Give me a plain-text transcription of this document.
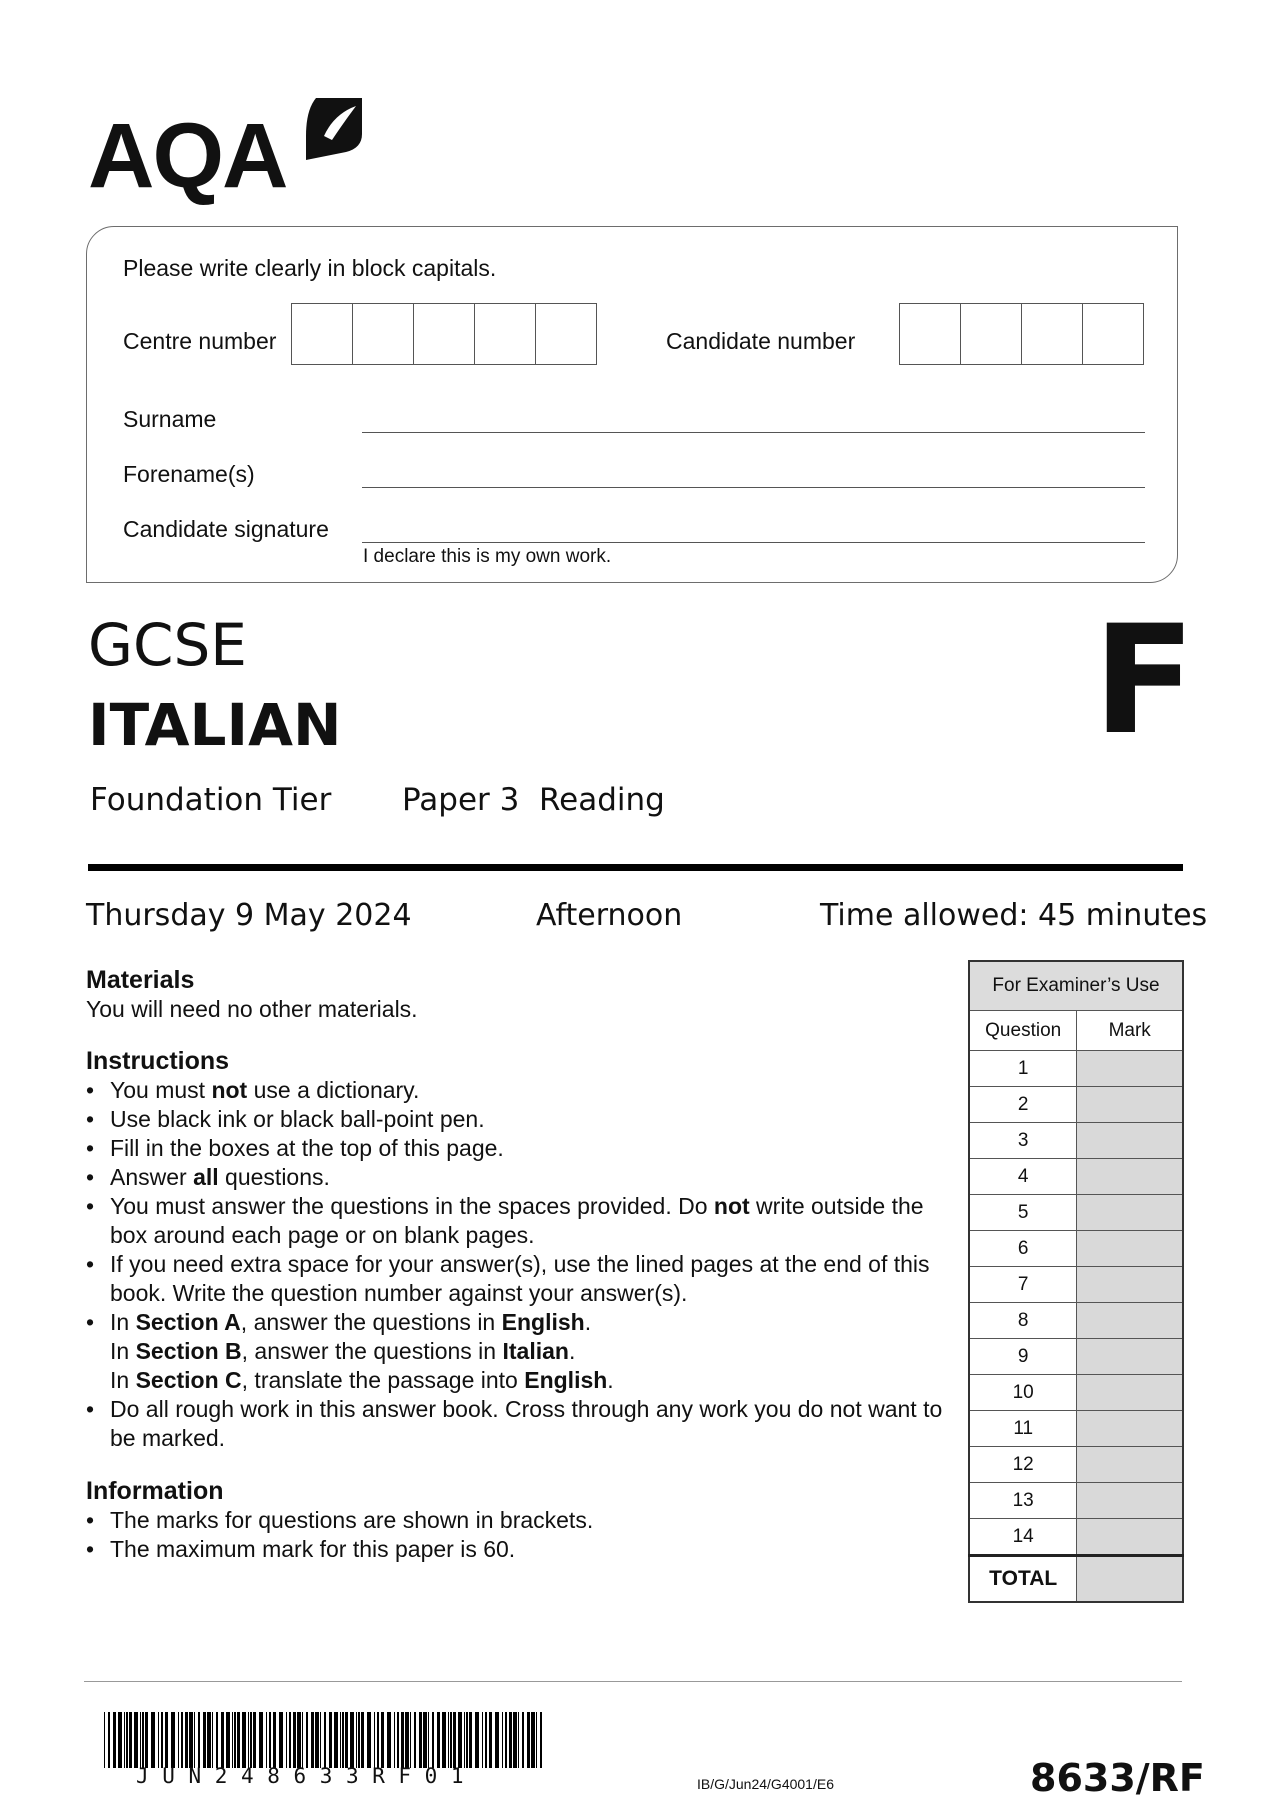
AQA
Please write clearly in block capitals.
Centre number	Candidate number
Surname
Forename(s)
Candidate signature
I declare this is my own work.
GCSE
ITALIAN
Foundation Tier Paper 3 Reading
F
Thursday 9 May 2024	Afternoon	Time allowed: 45 minutes
Materials
You will need no other materials.
Instructions
• You must not use a dictionary.
• Use black ink or black ball-point pen.
• Fill in the boxes at the top of this page.
• Answer all questions.
• You must answer the questions in the spaces provided. Do not write outside the box around each page or on blank pages.
• If you need extra space for your answer(s), use the lined pages at the end of this book. Write the question number against your answer(s).
• In Section A, answer the questions in English.
In Section B, answer the questions in Italian.
In Section C, translate the passage into English.
• Do all rough work in this answer book. Cross through any work you do not want to be marked.
Information
• The marks for questions are shown in brackets.
• The maximum mark for this paper is 60.
For Examiner’s Use	
Question	Mark
1	
2	
3	
4	
5	
6	
7	
8	
9	
10	
11	
12	
13	
14	
TOTAL	
JUN248633RF01	IB/G/Jun24/G4001/E6	8633/RF
